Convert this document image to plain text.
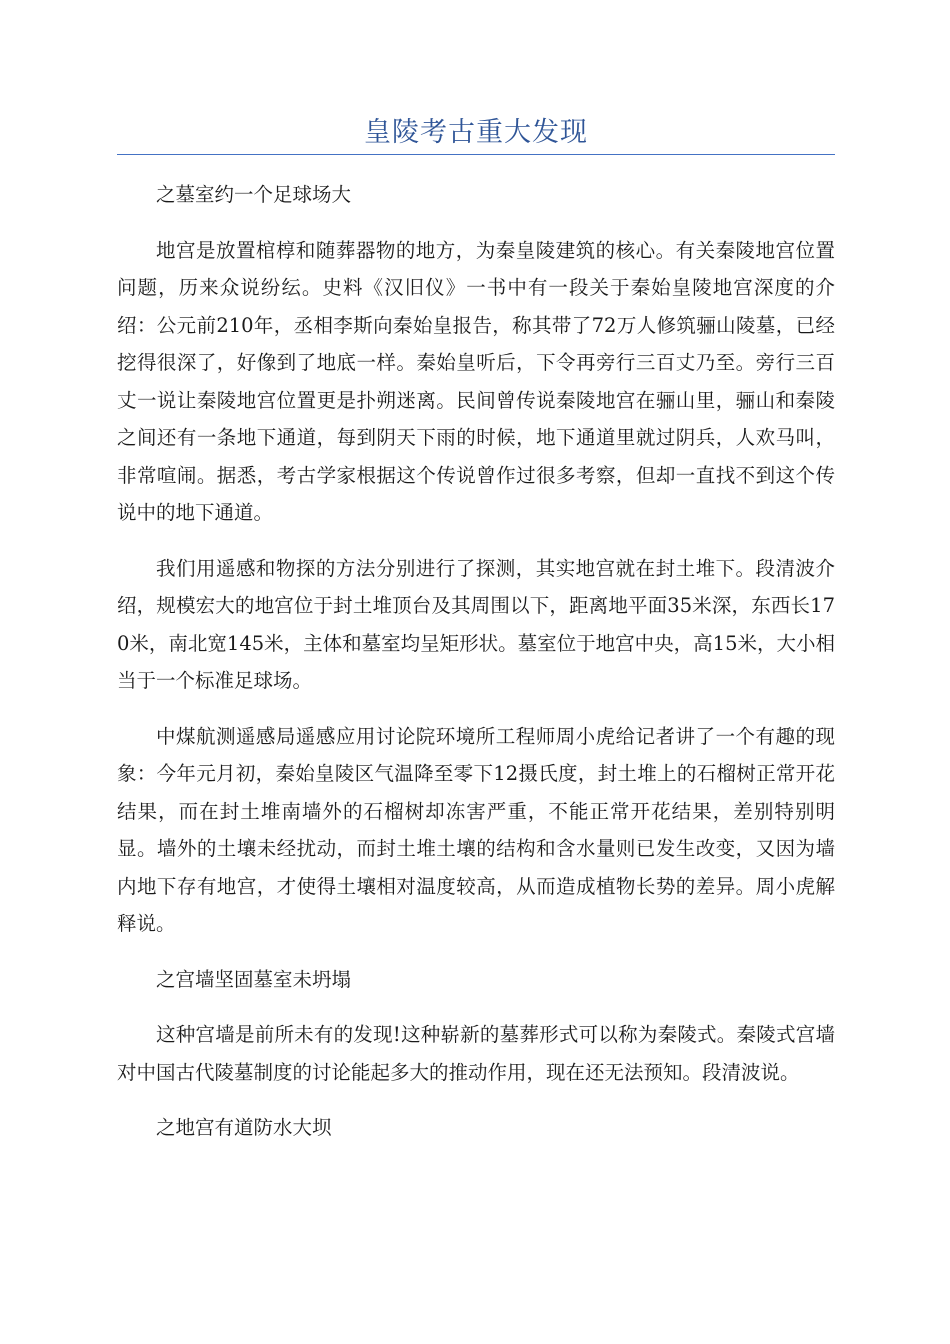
皇陵考古重大发现

之墓室约一个足球场大

地宫是放置棺椁和随葬器物的地方，为秦皇陵建筑的核心。有关秦陵地宫位置问题，历来众说纷纭。史料《汉旧仪》一书中有一段关于秦始皇陵地宫深度的介绍：公元前210年，丞相李斯向秦始皇报告，称其带了72万人修筑骊山陵墓，已经挖得很深了，好像到了地底一样。秦始皇听后，下令再旁行三百丈乃至。旁行三百丈一说让秦陵地宫位置更是扑朔迷离。民间曾传说秦陵地宫在骊山里，骊山和秦陵之间还有一条地下通道，每到阴天下雨的时候，地下通道里就过阴兵，人欢马叫，非常喧闹。据悉，考古学家根据这个传说曾作过很多考察，但却一直找不到这个传说中的地下通道。

我们用遥感和物探的方法分别进行了探测，其实地宫就在封土堆下。段清波介绍，规模宏大的地宫位于封土堆顶台及其周围以下，距离地平面35米深，东西长170米，南北宽145米，主体和墓室均呈矩形状。墓室位于地宫中央，高15米，大小相当于一个标准足球场。

中煤航测遥感局遥感应用讨论院环境所工程师周小虎给记者讲了一个有趣的现象：今年元月初，秦始皇陵区气温降至零下12摄氏度，封土堆上的石榴树正常开花结果，而在封土堆南墙外的石榴树却冻害严重，不能正常开花结果，差别特别明显。墙外的土壤未经扰动，而封土堆土壤的结构和含水量则已发生改变，又因为墙内地下存有地宫，才使得土壤相对温度较高，从而造成植物长势的差异。周小虎解释说。

之宫墙坚固墓室未坍塌

这种宫墙是前所未有的发现!这种崭新的墓葬形式可以称为秦陵式。秦陵式宫墙对中国古代陵墓制度的讨论能起多大的推动作用，现在还无法预知。段清波说。

之地宫有道防水大坝
